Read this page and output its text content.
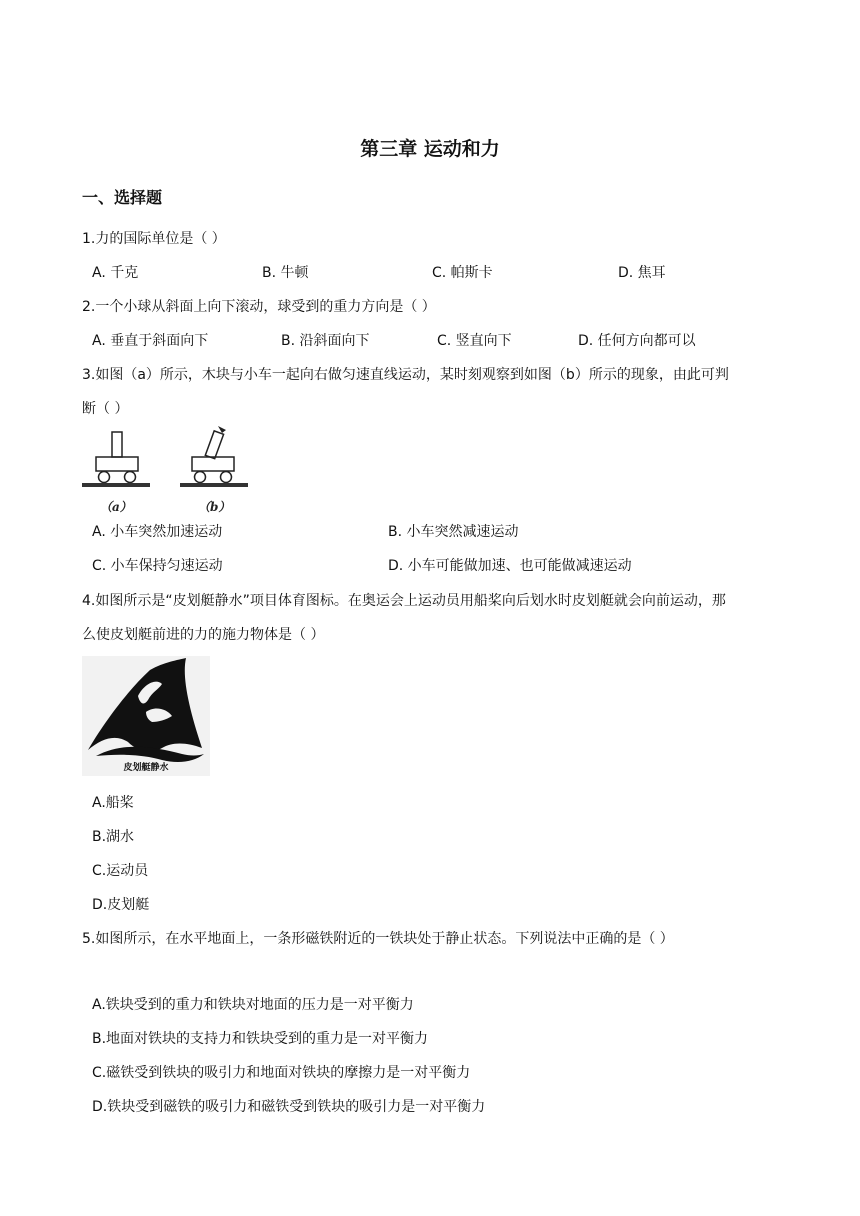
第三章 运动和力
一、选择题
1.力的国际单位是（ ）
A. 千克	B. 牛顿	C. 帕斯卡	D. 焦耳
2.一个小球从斜面上向下滚动，球受到的重力方向是（ ）
A. 垂直于斜面向下	B. 沿斜面向下	C. 竖直向下	D. 任何方向都可以
3.如图（a）所示，木块与小车一起向右做匀速直线运动，某时刻观察到如图（b）所示的现象，由此可判
断（ ）
（a）	（b）
A. 小车突然加速运动	B. 小车突然减速运动
C. 小车保持匀速运动	D. 小车可能做加速、也可能做减速运动
4.如图所示是“皮划艇静水”项目体育图标。在奥运会上运动员用船桨向后划水时皮划艇就会向前运动，那
么使皮划艇前进的力的施力物体是（ ）
皮划艇静水
A.船桨
B.湖水
C.运动员
D.皮划艇
5.如图所示，在水平地面上，一条形磁铁附近的一铁块处于静止状态。下列说法中正确的是（ ）
A.铁块受到的重力和铁块对地面的压力是一对平衡力
B.地面对铁块的支持力和铁块受到的重力是一对平衡力
C.磁铁受到铁块的吸引力和地面对铁块的摩擦力是一对平衡力
D.铁块受到磁铁的吸引力和磁铁受到铁块的吸引力是一对平衡力
